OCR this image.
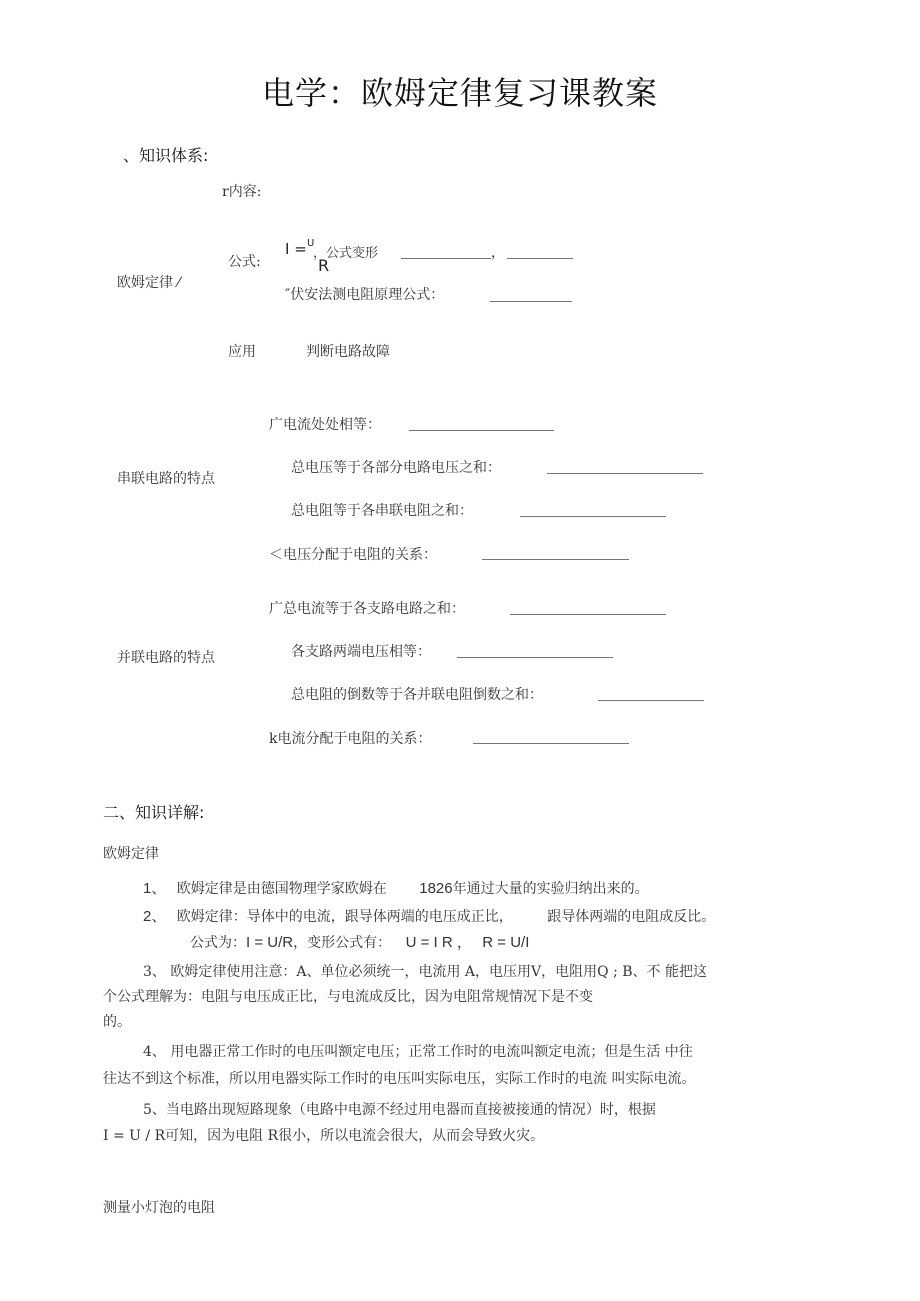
电学：欧姆定律复习课教案
、知识体系:
r内容:
欧姆定律 ⁄
公式:
I = U
R
，公式变形	，
″伏安法测电阻原理公式：
应用	判断电路故障
串联电路的特点
广电流处处相等：
总电压等于各部分电路电压之和：
总电阻等于各串联电阻之和：
＜电压分配于电阻的关系：
并联电路的特点
广总电流等于各支路电路之和：
各支路两端电压相等：
总电阻的倒数等于各并联电阻倒数之和：
k电流分配于电阻的关系：
二、知识详解:
欧姆定律
1、 欧姆定律是由德国物理学家欧姆在 1826年通过大量的实验归纳出来的。
2、 欧姆定律：导体中的电流，跟导体两端的电压成正比， 跟导体两端的电阻成反比。
公式为：I = U/R，变形公式有： U = I R ， R = U/I
3、 欧姆定律使用注意：A、单位必须统一，电流用 A，电压用V，电阻用Q ; B、不 能把这
个公式理解为：电阻与电压成正比，与电流成反比，因为电阻常规情况下是不变
的。
4、 用电器正常工作时的电压叫额定电压；正常工作时的电流叫额定电流；但是生活 中往
往达不到这个标准，所以用电器实际工作时的电压叫实际电压，实际工作时的电流 叫实际电流。
5、当电路出现短路现象（电路中电源不经过用电器而直接被接通的情况）时，根据
I = U / R可知，因为电阻 R很小，所以电流会很大，从而会导致火灾。
测量小灯泡的电阻
